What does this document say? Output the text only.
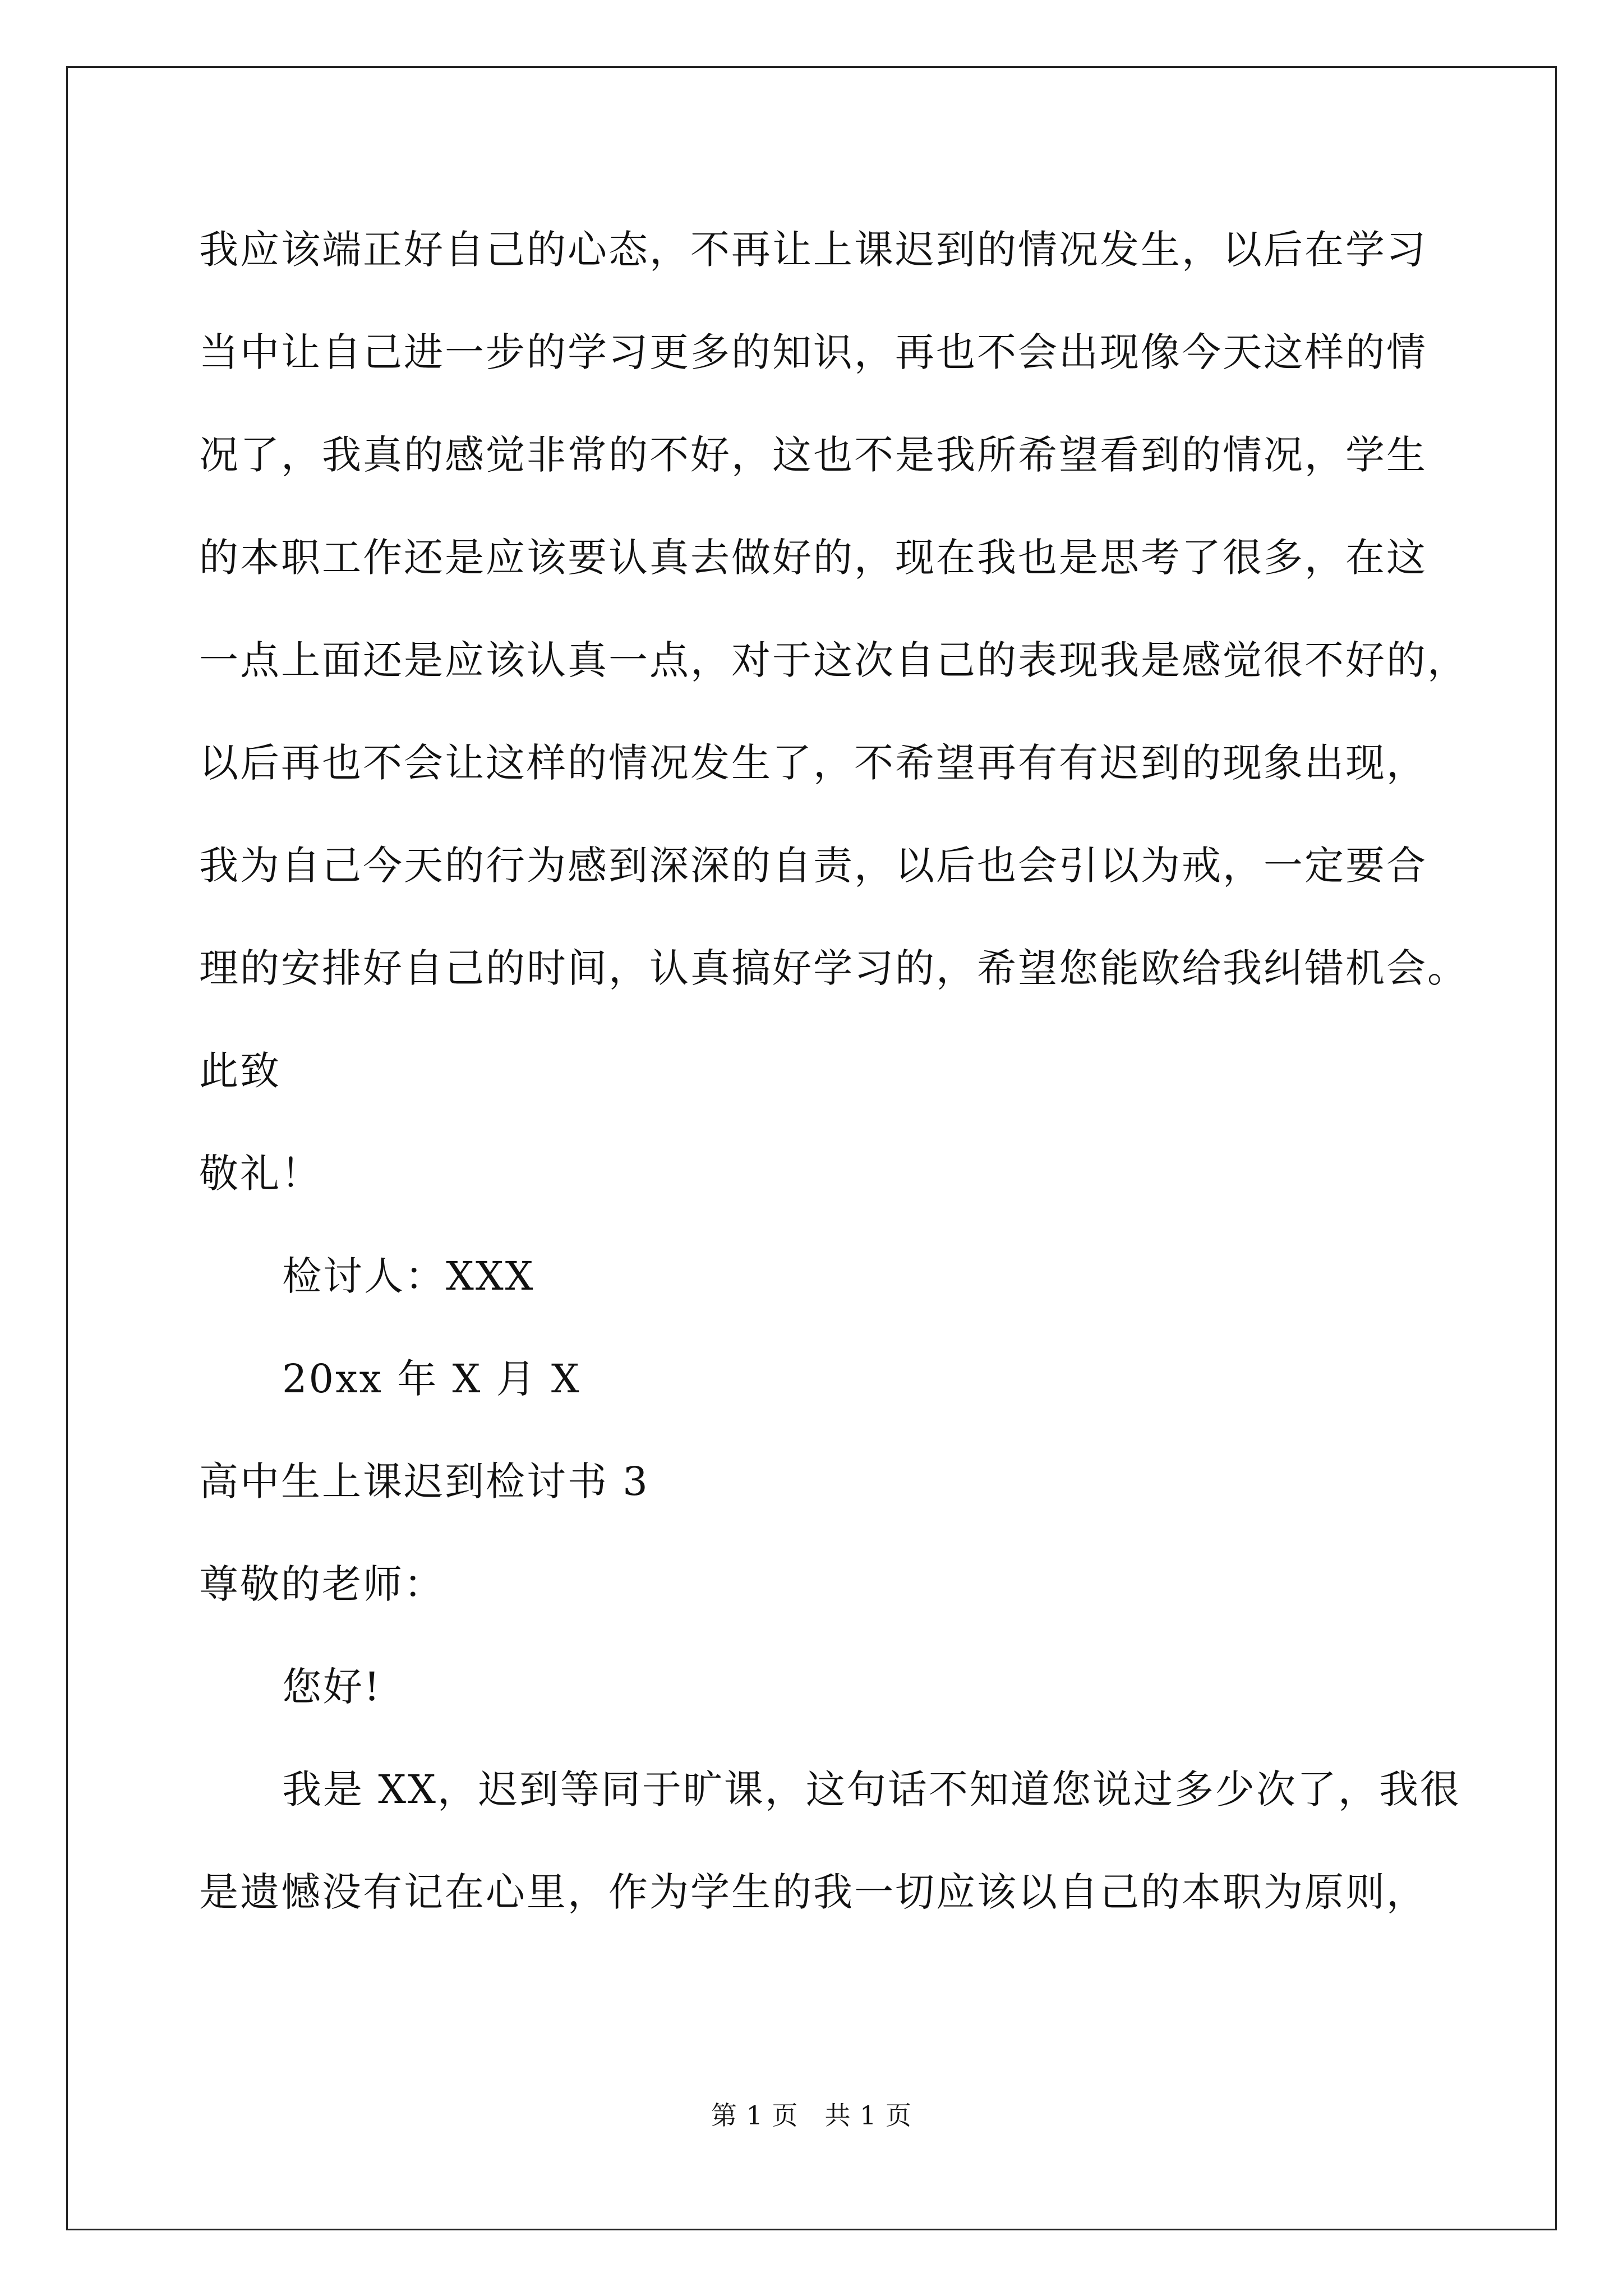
我应该端正好自己的心态，不再让上课迟到的情况发生，以后在学习
当中让自己进一步的学习更多的知识，再也不会出现像今天这样的情
况了，我真的感觉非常的不好，这也不是我所希望看到的情况，学生
的本职工作还是应该要认真去做好的，现在我也是思考了很多，在这
一点上面还是应该认真一点，对于这次自己的表现我是感觉很不好的，
以后再也不会让这样的情况发生了，不希望再有有迟到的现象出现，
我为自己今天的行为感到深深的自责，以后也会引以为戒，一定要合
理的安排好自己的时间，认真搞好学习的，希望您能欧给我纠错机会。
此致
敬礼！
检讨人：XXX
20xx 年 X 月 X
高中生上课迟到检讨书 3
尊敬的老师：
您好!
我是 XX，迟到等同于旷课，这句话不知道您说过多少次了，我很
是遗憾没有记在心里，作为学生的我一切应该以自己的本职为原则，
第 1 页　共 1 页
